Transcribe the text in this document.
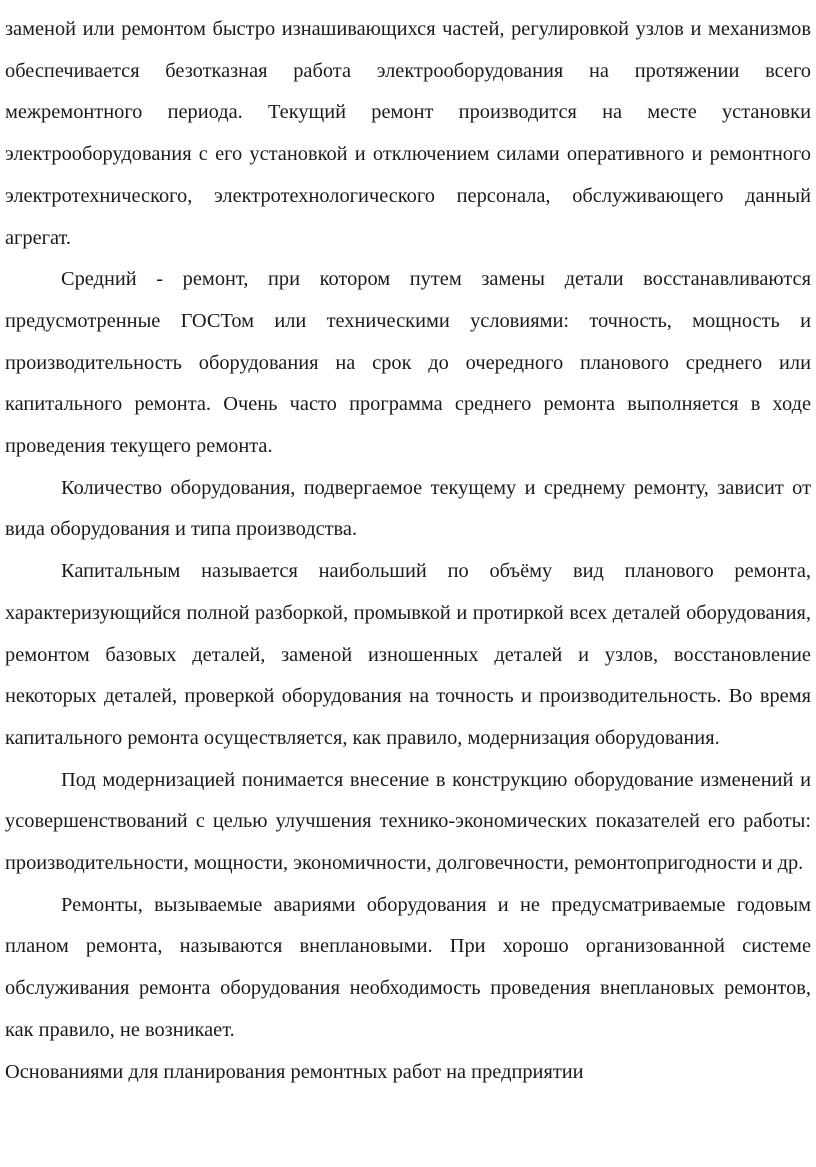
заменой или ремонтом быстро изнашивающихся частей, регулировкой узлов и механизмов обеспечивается безотказная работа электрооборудования на протяжении всего межремонтного периода. Текущий ремонт производится на месте установки электрооборудования с его установкой и отключением силами оперативного и ремонтного электротехнического, электротехнологического персонала, обслуживающего данный агрегат.

Средний - ремонт, при котором путем замены детали восстанавливаются предусмотренные ГОСТом или техническими условиями: точность, мощность и производительность оборудования на срок до очередного планового среднего или капитального ремонта. Очень часто программа среднего ремонта выполняется в ходе проведения текущего ремонта.

Количество оборудования, подвергаемое текущему и среднему ремонту, зависит от вида оборудования и типа производства.

Капитальным называется наибольший по объёму вид планового ремонта, характеризующийся полной разборкой, промывкой и протиркой всех деталей оборудования, ремонтом базовых деталей, заменой изношенных деталей и узлов, восстановление некоторых деталей, проверкой оборудования на точность и производительность. Во время капитального ремонта осуществляется, как правило, модернизация оборудования.

Под модернизацией понимается внесение в конструкцию оборудование изменений и усовершенствований с целью улучшения технико-экономических показателей его работы: производительности, мощности, экономичности, долговечности, ремонтопригодности и др.

Ремонты, вызываемые авариями оборудования и не предусматриваемые годовым планом ремонта, называются внеплановыми. При хорошо организованной системе обслуживания ремонта оборудования необходимость проведения внеплановых ремонтов, как правило, не возникает.

Основаниями для планирования ремонтных работ на предприятии
